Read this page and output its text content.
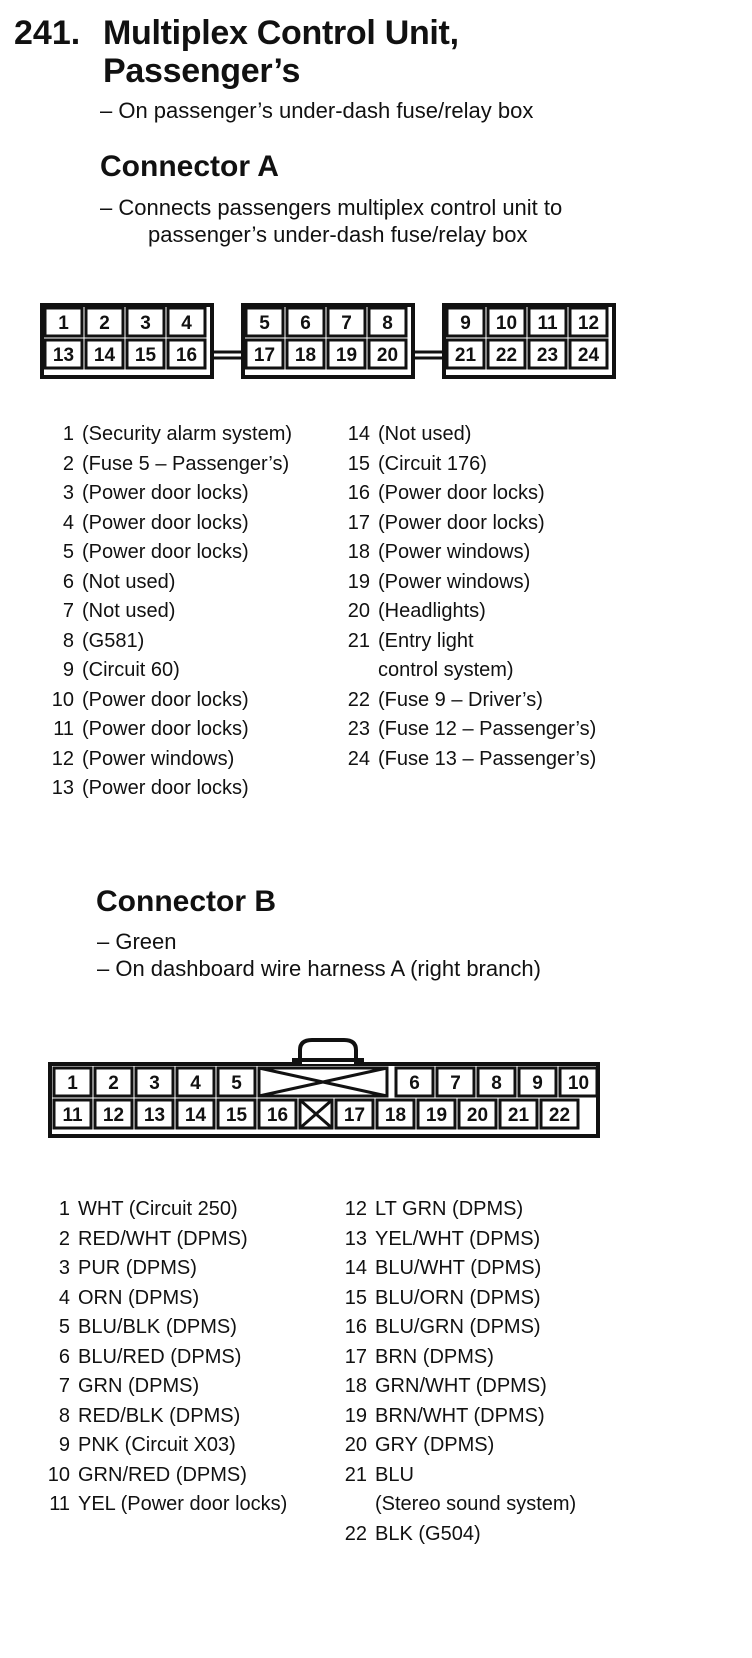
241. Multiplex Control Unit,
Passenger’s
– On passenger’s under-dash fuse/relay box
Connector A
– Connects passengers multiplex control unit to
passenger’s under-dash fuse/relay box
1 2 3 4
13 14 15 16
5 6 7 8
17 18 19 20
9 10 11 12
21 22 23 24
1 (Security alarm system)
2 (Fuse 5 – Passenger’s)
3 (Power door locks)
4 (Power door locks)
5 (Power door locks)
6 (Not used)
7 (Not used)
8 (G581)
9 (Circuit 60)
10 (Power door locks)
11 (Power door locks)
12 (Power windows)
13 (Power door locks)
14 (Not used)
15 (Circuit 176)
16 (Power door locks)
17 (Power door locks)
18 (Power windows)
19 (Power windows)
20 (Headlights)
21 (Entry light
control system)
22 (Fuse 9 – Driver’s)
23 (Fuse 12 – Passenger’s)
24 (Fuse 13 – Passenger’s)
Connector B
– Green
– On dashboard wire harness A (right branch)
1 2 3 4 5	6 7 8 9 10
11 12 13 14 15 16	17 18 19 20 21 22
1 WHT (Circuit 250)
2 RED/WHT (DPMS)
3 PUR (DPMS)
4 ORN (DPMS)
5 BLU/BLK (DPMS)
6 BLU/RED (DPMS)
7 GRN (DPMS)
8 RED/BLK (DPMS)
9 PNK (Circuit X03)
10 GRN/RED (DPMS)
11 YEL (Power door locks)
12 LT GRN (DPMS)
13 YEL/WHT (DPMS)
14 BLU/WHT (DPMS)
15 BLU/ORN (DPMS)
16 BLU/GRN (DPMS)
17 BRN (DPMS)
18 GRN/WHT (DPMS)
19 BRN/WHT (DPMS)
20 GRY (DPMS)
21 BLU
(Stereo sound system)
22 BLK (G504)
